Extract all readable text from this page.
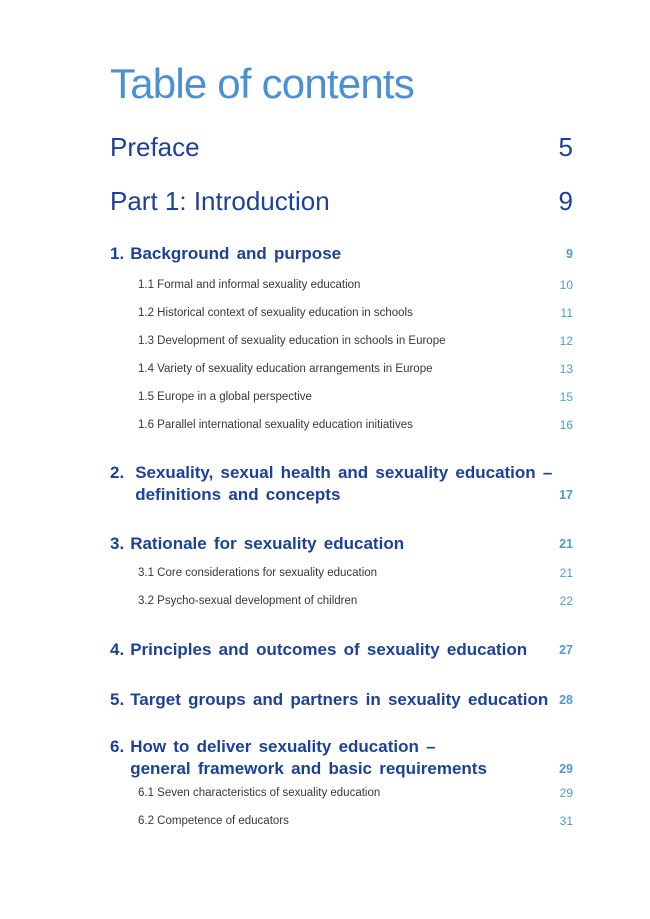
Table of contents
Preface	5
Part 1: Introduction	9
1. Background and purpose	9
1.1 Formal and informal sexuality education	10
1.2 Historical context of sexuality education in schools	11
1.3 Development of sexuality education in schools in Europe	12
1.4 Variety of sexuality education arrangements in Europe	13
1.5 Europe in a global perspective	15
1.6 Parallel international sexuality education initiatives	16
2. Sexuality, sexual health and sexuality education –
definitions and concepts	17
3. Rationale for sexuality education	21
3.1 Core considerations for sexuality education	21
3.2 Psycho-sexual development of children	22
4. Principles and outcomes of sexuality education	27
5. Target groups and partners in sexuality education 28
6. How to deliver sexuality education –
general framework and basic requirements	29
6.1 Seven characteristics of sexuality education	29
6.2 Competence of educators	31
